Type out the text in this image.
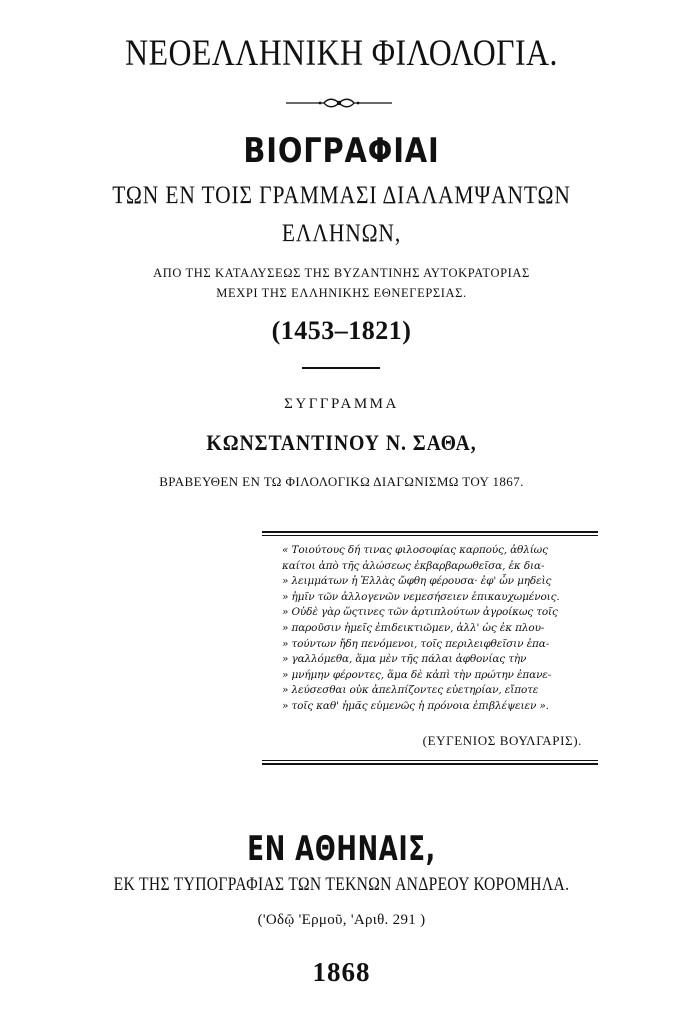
ΝΕΟΕΛΛΗΝΙΚΗ ΦΙΛΟΛΟΓΙΑ.
ΒΙΟΓΡΑΦΙΑΙ
ΤΩΝ ΕΝ ΤΟΙΣ ΓΡΑΜΜΑΣΙ ΔΙΑΛΑΜΨΑΝΤΩΝ
ΕΛΛΗΝΩΝ,
ΑΠΟ ΤΗΣ ΚΑΤΑΛΥΣΕΩΣ ΤΗΣ ΒΥΖΑΝΤΙΝΗΣ ΑΥΤΟΚΡΑΤΟΡΙΑΣ
ΜΕΧΡΙ ΤΗΣ ΕΛΛΗΝΙΚΗΣ ΕΘΝΕΓΕΡΣΙΑΣ.
(1453–1821)
ΣΥΓΓΡΑΜΜΑ
ΚΩΝΣΤΑΝΤΙΝΟΥ Ν. ΣΑΘΑ,
ΒΡΑΒΕΥΘΕΝ ΕΝ ΤΩ ΦΙΛΟΛΟΓΙΚΩ ΔΙΑΓΩΝΙΣΜΩ ΤΟΥ 1867.
« Τοιούτους δή τινας φιλοσοφίας καρπούς, ἀθλίως
καίτοι ἀπὸ τῆς ἁλώσεως ἐκβαρβαρωθεῖσα, ἐκ δια-
» λειμμάτων ἡ Ἑλλὰς ὤφθη φέρουσα· ἐφ' ὧν μηδεὶς
» ἡμῖν τῶν ἀλλογενῶν νεμεσήσειεν ἐπικαυχωμένοις.
» Οὐδὲ γὰρ ὥςτινες τῶν ἀρτιπλούτων ἀγροίκως τοῖς
» παροῦσιν ἡμεῖς ἐπιδεικτιῶμεν, ἀλλ' ὡς ἐκ πλου-
» τούντων ἤδη πενόμενοι, τοῖς περιλειφθεῖσιν ἐπα-
» γαλλόμεθα, ἅμα μὲν τῆς πάλαι ἀφθονίας τὴν
» μνήμην φέροντες, ἅμα δὲ κἀπὶ τὴν πρώτην ἐπανε-
» λεύσεσθαι οὐκ ἀπελπίζοντες εὐετηρίαν, εἴποτε
» τοῖς καθ' ἡμᾶς εὐμενῶς ἡ πρόνοια ἐπιβλέψειεν ».
(ΕΥΓΕΝΙΟΣ ΒΟΥΛΓΑΡΙΣ).
ΕΝ ΑΘΗΝΑΙΣ,
ΕΚ ΤΗΣ ΤΥΠΟΓΡΑΦΙΑΣ ΤΩΝ ΤΕΚΝΩΝ ΑΝΔΡΕΟΥ ΚΟΡΟΜΗΛΑ.
('Οδῷ 'Ερμοῦ, 'Αριθ. 291 )
1868
